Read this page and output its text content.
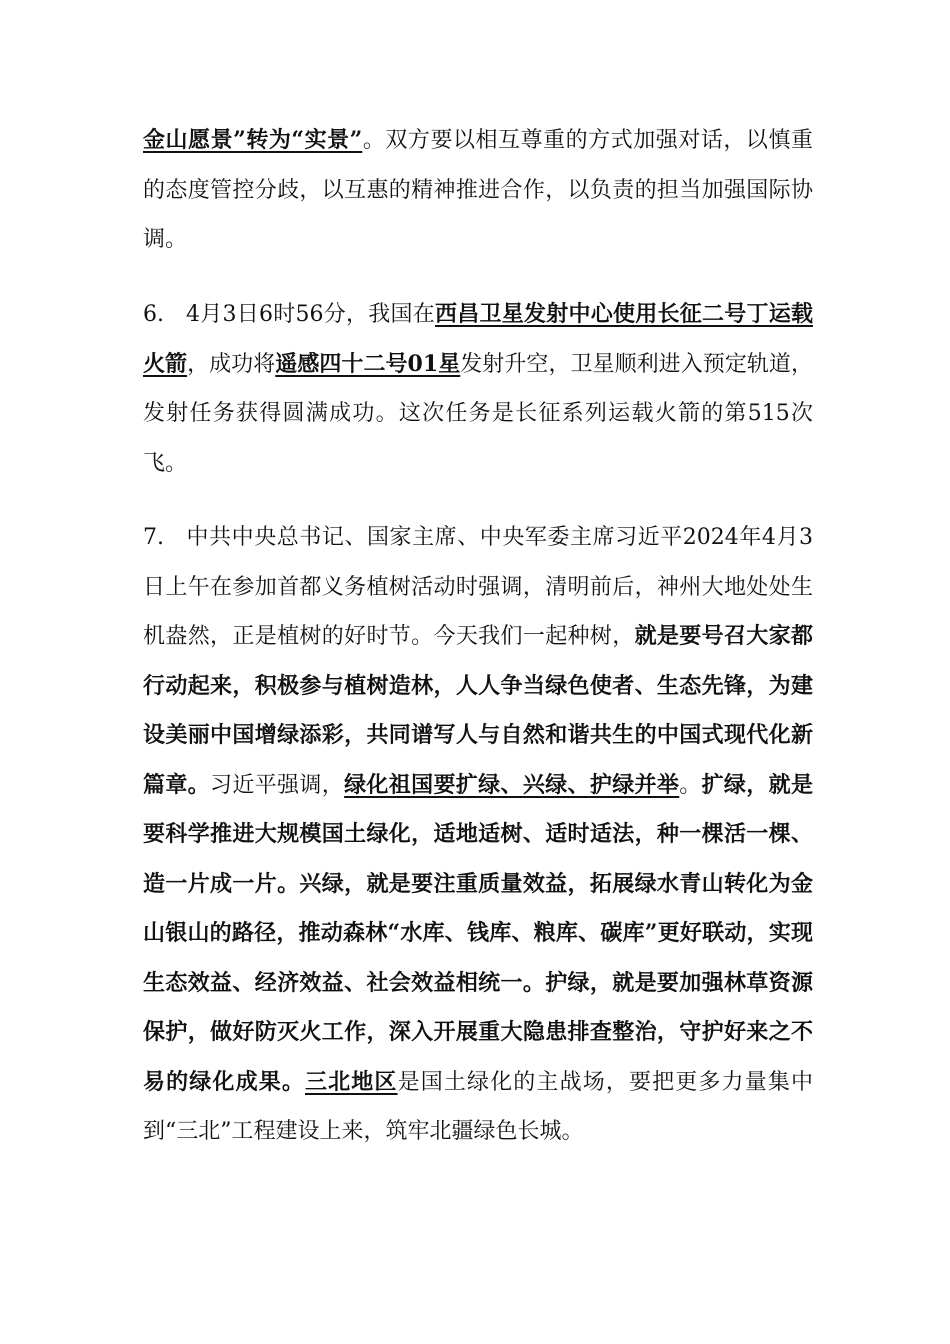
金山愿景”转为“实景”。双方要以相互尊重的方式加强对话，以慎重的态度管控分歧，以互惠的精神推进合作，以负责的担当加强国际协调。

6. 4月3日6时56分，我国在西昌卫星发射中心使用长征二号丁运载火箭，成功将遥感四十二号01星发射升空，卫星顺利进入预定轨道，发射任务获得圆满成功。这次任务是长征系列运载火箭的第515次飞。

7. 中共中央总书记、国家主席、中央军委主席习近平2024年4月3日上午在参加首都义务植树活动时强调，清明前后，神州大地处处生机盎然，正是植树的好时节。今天我们一起种树，就是要号召大家都行动起来，积极参与植树造林，人人争当绿色使者、生态先锋，为建设美丽中国增绿添彩，共同谱写人与自然和谐共生的中国式现代化新篇章。习近平强调，绿化祖国要扩绿、兴绿、护绿并举。扩绿，就是要科学推进大规模国土绿化，适地适树、适时适法，种一棵活一棵、造一片成一片。兴绿，就是要注重质量效益，拓展绿水青山转化为金山银山的路径，推动森林“水库、钱库、粮库、碳库”更好联动，实现生态效益、经济效益、社会效益相统一。护绿，就是要加强林草资源保护，做好防灭火工作，深入开展重大隐患排查整治，守护好来之不易的绿化成果。三北地区是国土绿化的主战场，要把更多力量集中到“三北”工程建设上来，筑牢北疆绿色长城。
